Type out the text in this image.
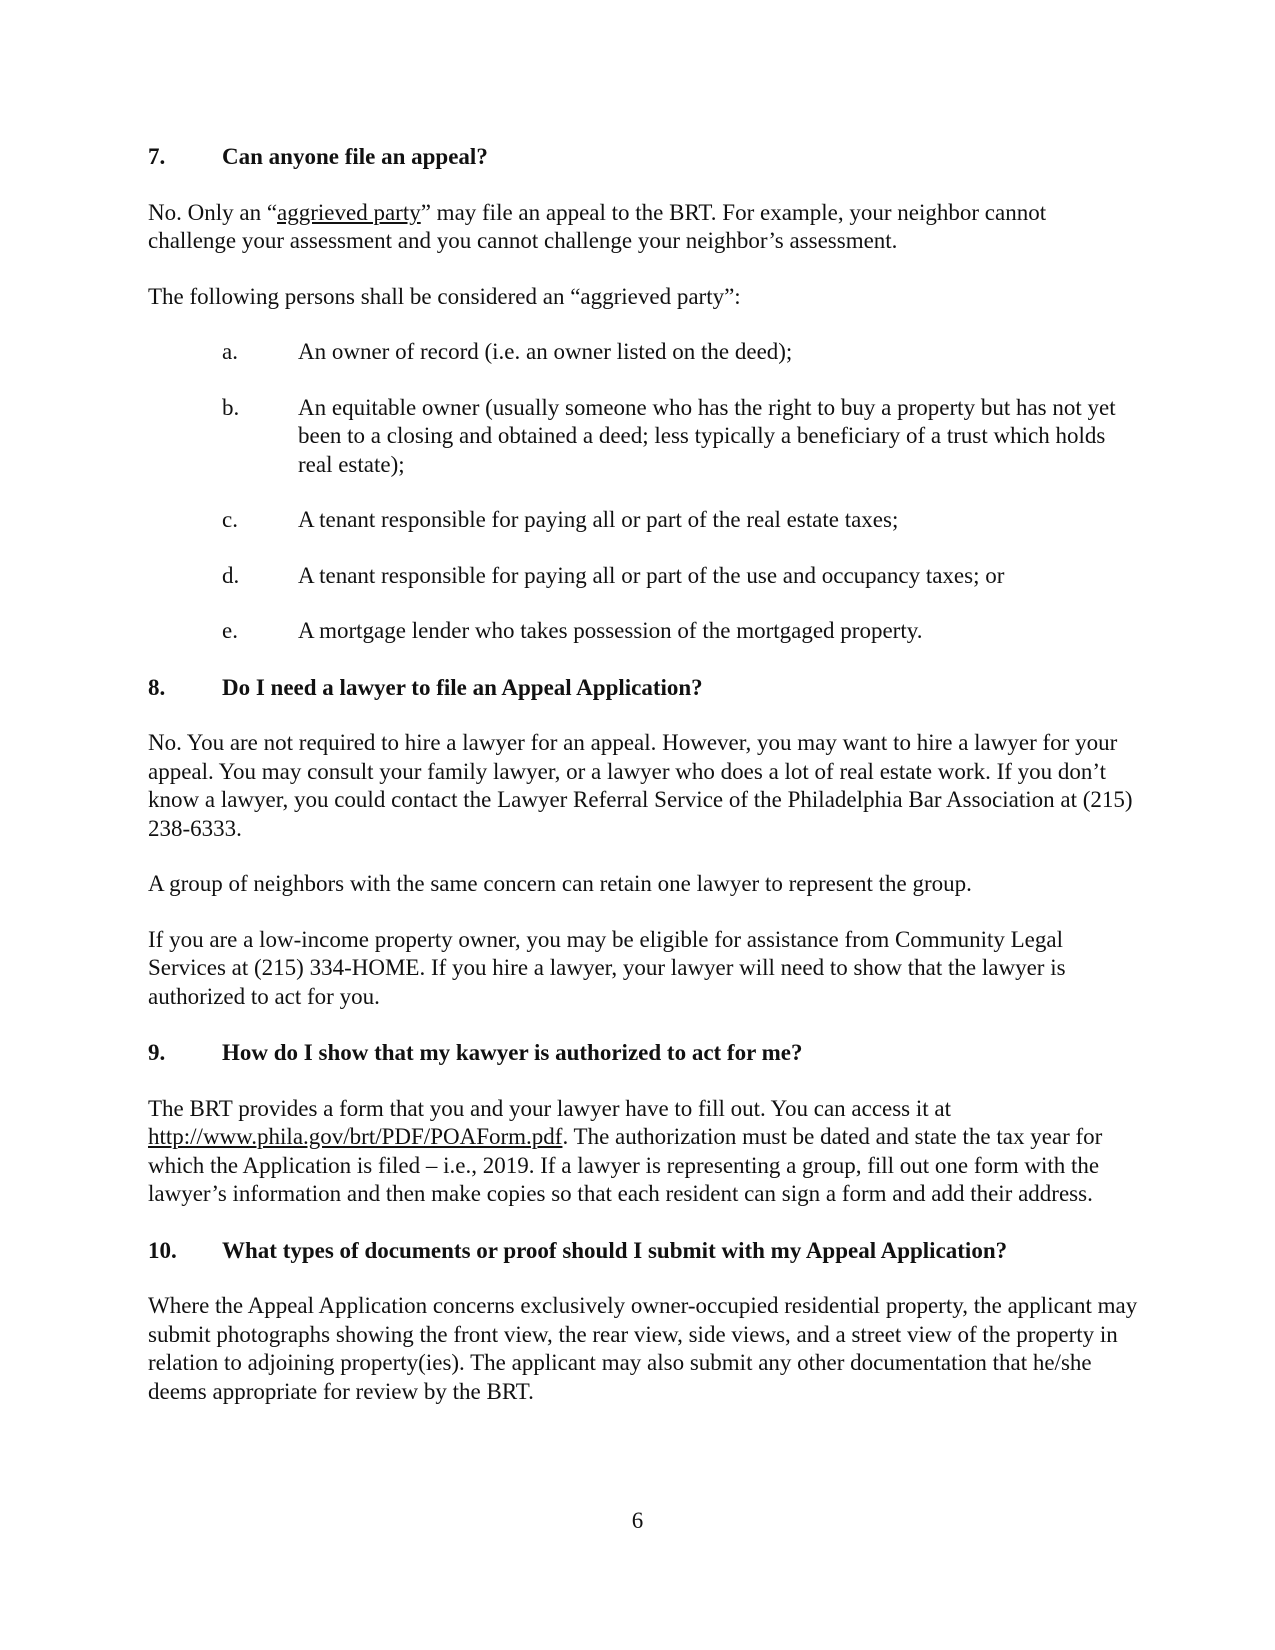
7.	Can anyone file an appeal?

No. Only an “aggrieved party” may file an appeal to the BRT. For example, your neighbor cannot challenge your assessment and you cannot challenge your neighbor’s assessment.

The following persons shall be considered an “aggrieved party”:

a.	An owner of record (i.e. an owner listed on the deed);
b.	An equitable owner (usually someone who has the right to buy a property but has not yet been to a closing and obtained a deed; less typically a beneficiary of a trust which holds real estate);
c.	A tenant responsible for paying all or part of the real estate taxes;
d.	A tenant responsible for paying all or part of the use and occupancy taxes; or
e.	A mortgage lender who takes possession of the mortgaged property.
8.	Do I need a lawyer to file an Appeal Application?

No. You are not required to hire a lawyer for an appeal. However, you may want to hire a lawyer for your appeal. You may consult your family lawyer, or a lawyer who does a lot of real estate work. If you don’t know a lawyer, you could contact the Lawyer Referral Service of the Philadelphia Bar Association at (215) 238-6333.

A group of neighbors with the same concern can retain one lawyer to represent the group.

If you are a low-income property owner, you may be eligible for assistance from Community Legal Services at (215) 334-HOME. If you hire a lawyer, your lawyer will need to show that the lawyer is authorized to act for you.

9.	How do I show that my kawyer is authorized to act for me?

The BRT provides a form that you and your lawyer have to fill out. You can access it at http://www.phila.gov/brt/PDF/POAForm.pdf. The authorization must be dated and state the tax year for which the Application is filed – i.e., 2019. If a lawyer is representing a group, fill out one form with the lawyer’s information and then make copies so that each resident can sign a form and add their address.

10.	What types of documents or proof should I submit with my Appeal Application?

Where the Appeal Application concerns exclusively owner-occupied residential property, the applicant may submit photographs showing the front view, the rear view, side views, and a street view of the property in relation to adjoining property(ies). The applicant may also submit any other documentation that he/she deems appropriate for review by the BRT.

6
